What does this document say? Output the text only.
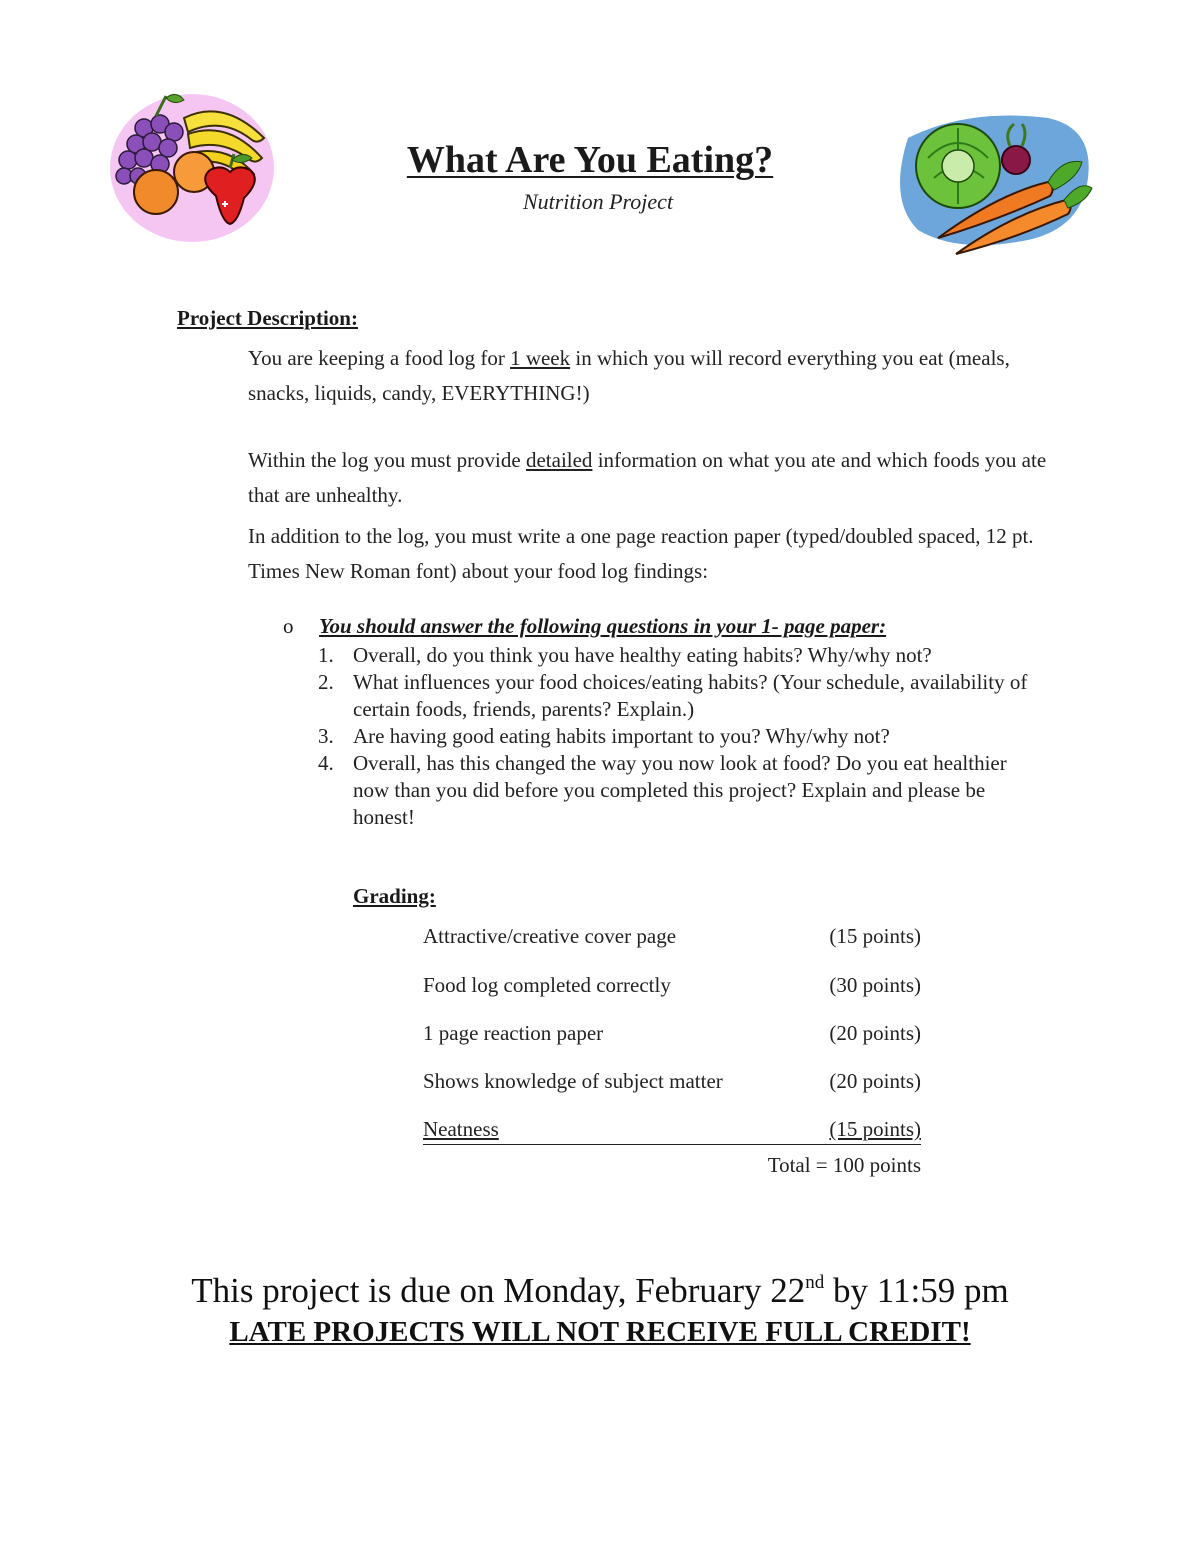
What Are You Eating?
Nutrition Project
Project Description:
You are keeping a food log for 1 week in which you will record everything you eat (meals, snacks, liquids, candy, EVERYTHING!)
Within the log you must provide detailed information on what you ate and which foods you ate that are unhealthy.
In addition to the log, you must write a one page reaction paper (typed/doubled spaced, 12 pt. Times New Roman font) about your food log findings:
o You should answer the following questions in your 1- page paper:
1. Overall, do you think you have healthy eating habits? Why/why not?
2. What influences your food choices/eating habits? (Your schedule, availability of certain foods, friends, parents? Explain.)
3. Are having good eating habits important to you? Why/why not?
4. Overall, has this changed the way you now look at food? Do you eat healthier now than you did before you completed this project? Explain and please be honest!
Grading:
Attractive/creative cover page	(15 points)
Food log completed correctly	(30 points)
1 page reaction paper	(20 points)
Shows knowledge of subject matter	(20 points)
Neatness	(15 points)
Total = 100 points
This project is due on Monday, February 22nd by 11:59 pm
LATE PROJECTS WILL NOT RECEIVE FULL CREDIT!
